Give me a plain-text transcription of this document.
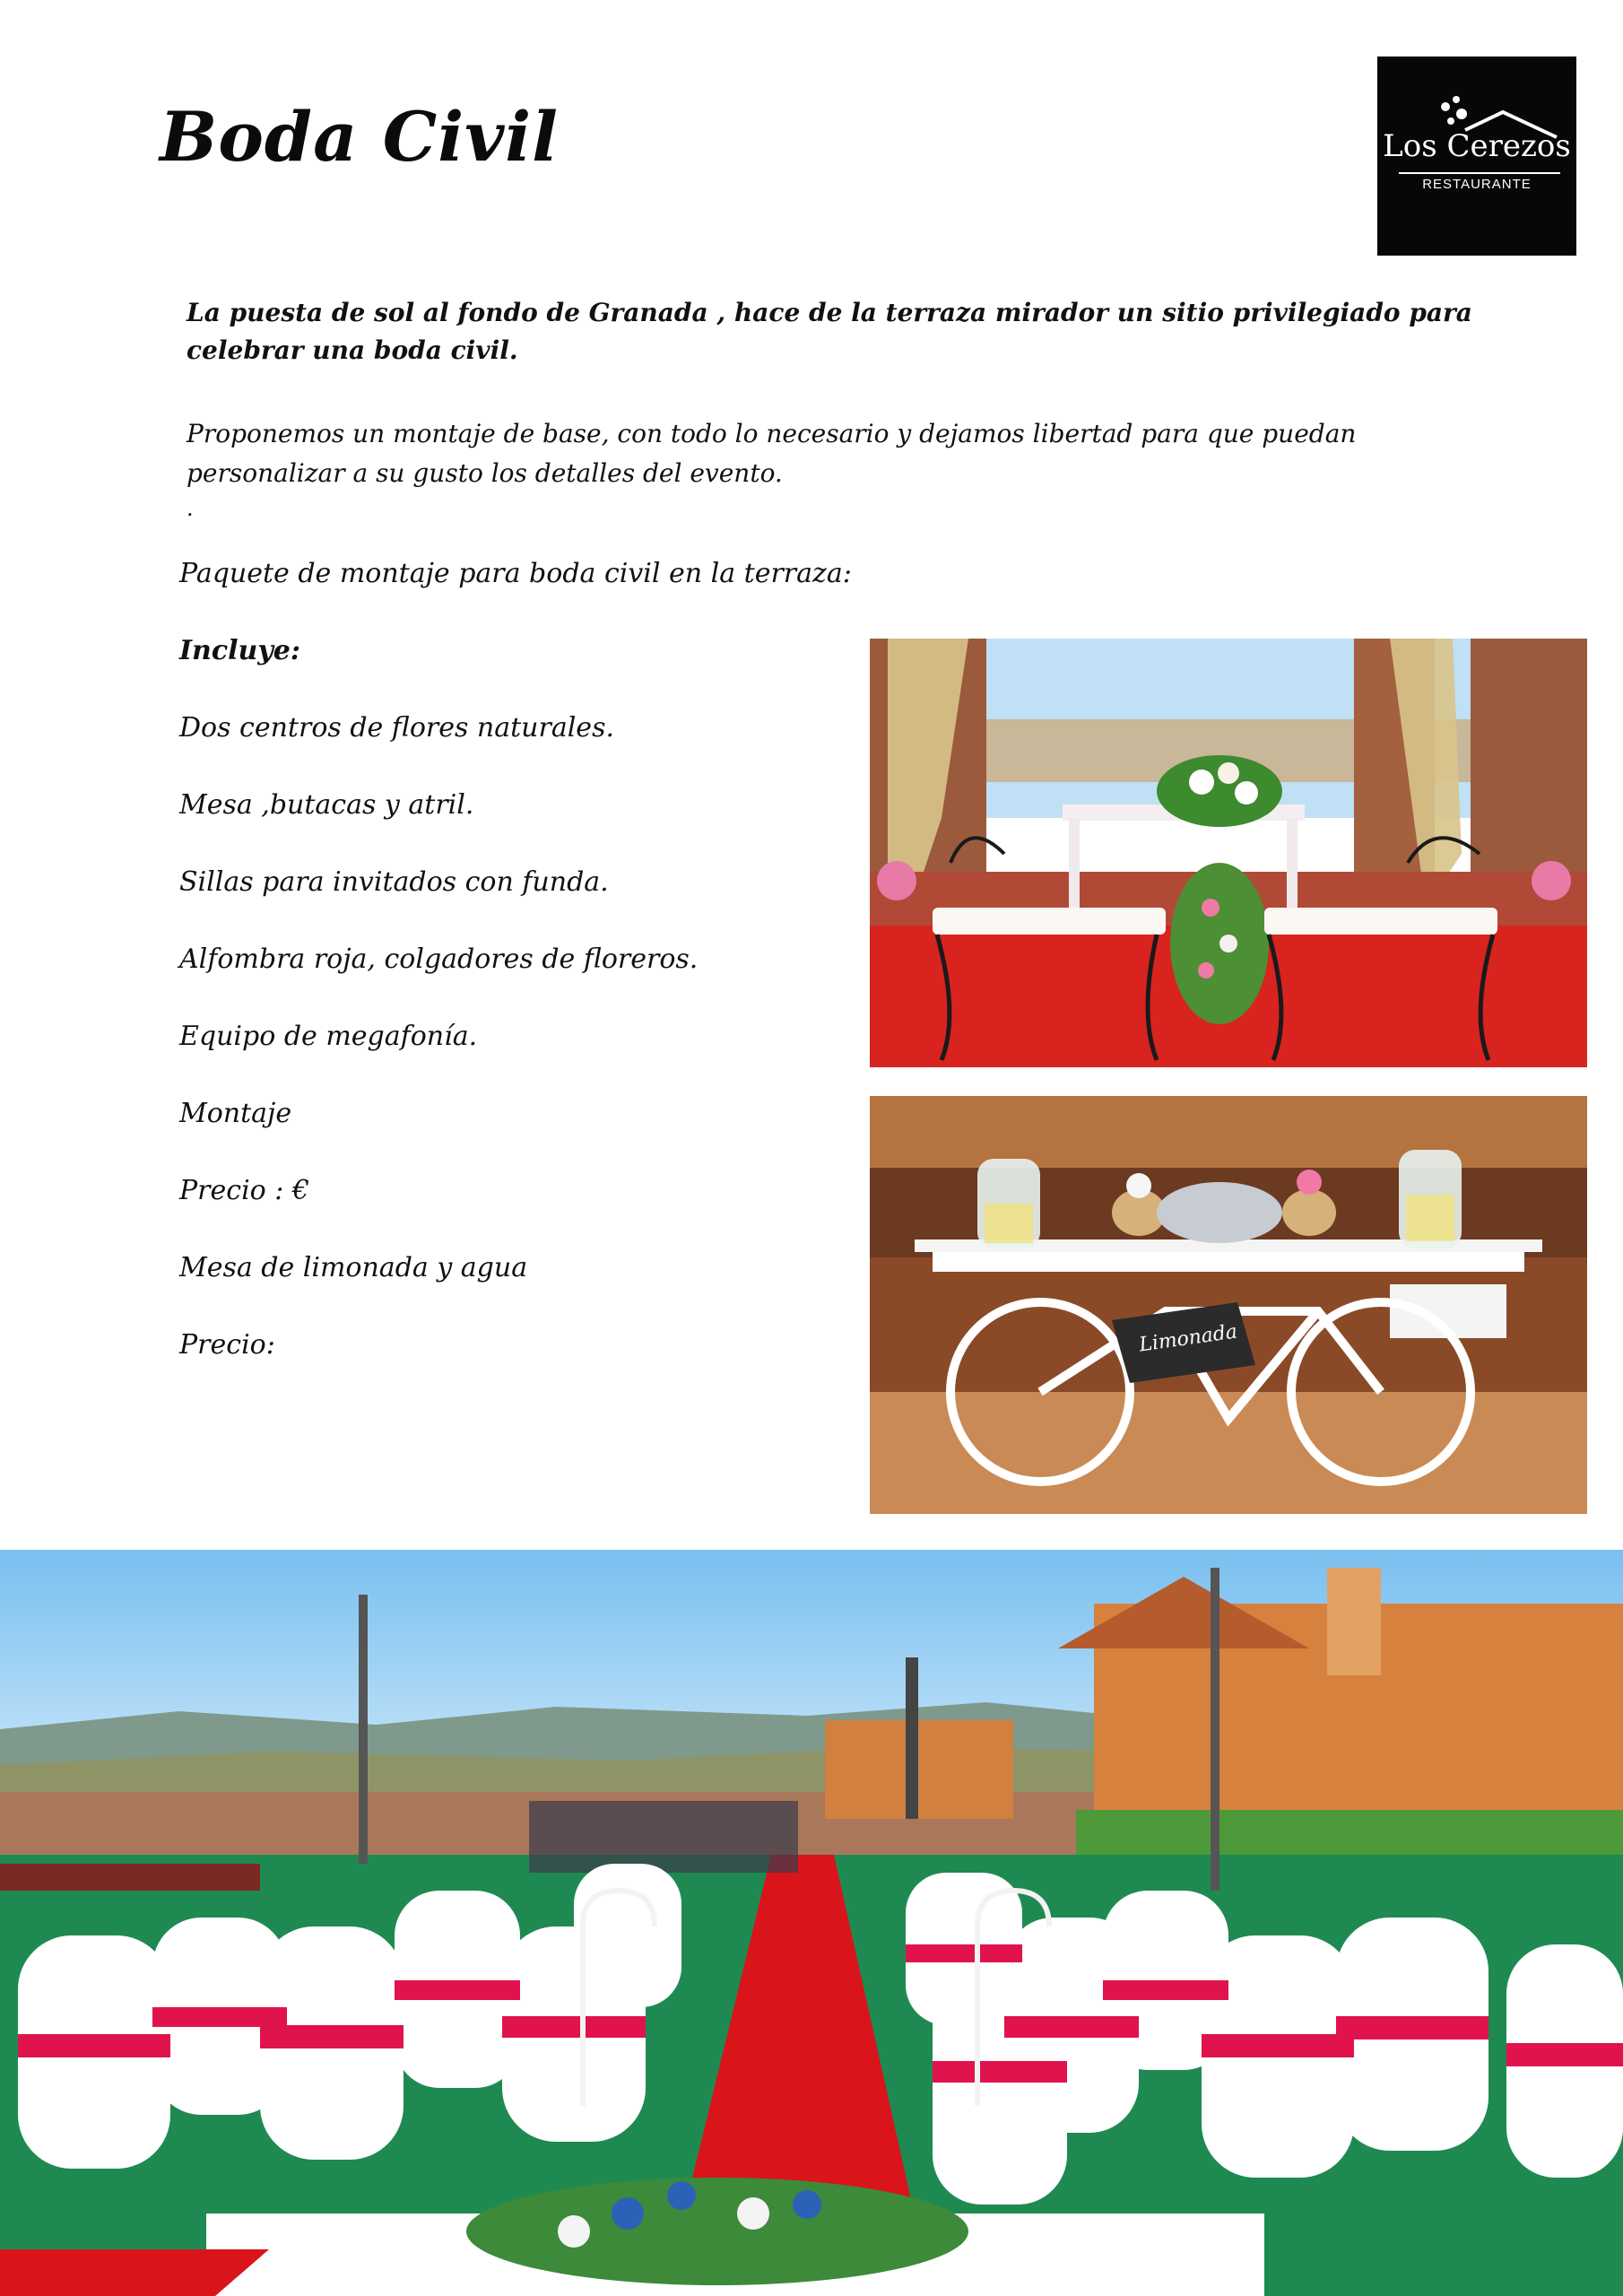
Boda Civil	Los Cerezos
RESTAURANTE

La puesta de sol al fondo de Granada , hace de la terraza mirador un sitio privilegiado para celebrar una boda civil.

Proponemos un montaje de base, con todo lo necesario y dejamos libertad para que puedan personalizar a su gusto los detalles del evento.

.

Paquete de montaje para boda civil en la terraza:

Incluye:

Dos centros de flores naturales.

Mesa ,butacas y atril.

Sillas para invitados con funda.

Alfombra roja, colgadores de floreros.

Equipo de megafonía.

Montaje

Precio : €

Mesa de limonada y agua

Precio:	Limonada
